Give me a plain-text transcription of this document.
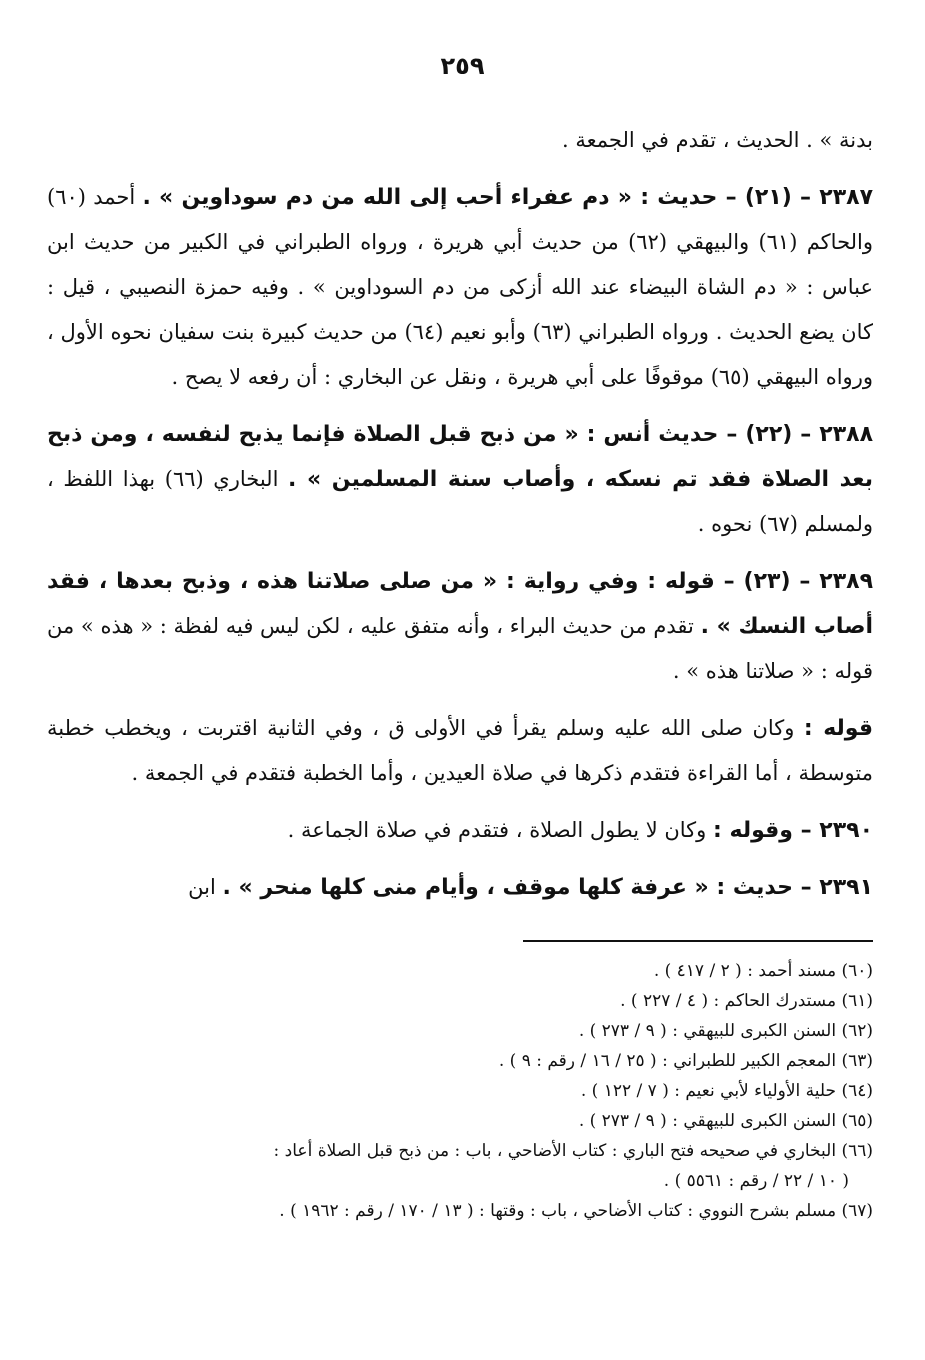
٢٥٩

بدنة » . الحديث ، تقدم في الجمعة .

٢٣٨٧ – (٢١) – حديث : « دم عفراء أحب إلى الله من دم سوداوين » . أحمد (٦٠) والحاكم (٦١) والبيهقي (٦٢) من حديث أبي هريرة ، ورواه الطبراني في الكبير من حديث ابن عباس : « دم الشاة البيضاء عند الله أزكى من دم السوداوين » . وفيه حمزة النصيبي ، قيل : كان يضع الحديث . ورواه الطبراني (٦٣) وأبو نعيم (٦٤) من حديث كبيرة بنت سفيان نحوه الأول ، ورواه البيهقي (٦٥) موقوفًا على أبي هريرة ، ونقل عن البخاري : أن رفعه لا يصح .

٢٣٨٨ – (٢٢) – حديث أنس : « من ذبح قبل الصلاة فإنما يذبح لنفسه ، ومن ذبح بعد الصلاة فقد تم نسكه ، وأصاب سنة المسلمين » . البخاري (٦٦) بهذا اللفظ ، ولمسلم (٦٧) نحوه .

٢٣٨٩ – (٢٣) – قوله : وفي رواية : « من صلى صلاتنا هذه ، وذبح بعدها ، فقد أصاب النسك » . تقدم من حديث البراء ، وأنه متفق عليه ، لكن ليس فيه لفظة : « هذه » من قوله : « صلاتنا هذه » .

قوله : وكان صلى الله عليه وسلم يقرأ في الأولى ق ، وفي الثانية اقتربت ، ويخطب خطبة متوسطة ، أما القراءة فتقدم ذكرها في صلاة العيدين ، وأما الخطبة فتقدم في الجمعة .

٢٣٩٠ – وقوله : وكان لا يطول الصلاة ، فتقدم في صلاة الجماعة .

٢٣٩١ – حديث : « عرفة كلها موقف ، وأيام منى كلها منحر » . ابن

(٦٠) مسند أحمد : ( ٢ / ٤١٧ ) .

(٦١) مستدرك الحاكم : ( ٤ / ٢٢٧ ) .

(٦٢) السنن الكبرى للبيهقي : ( ٩ / ٢٧٣ ) .

(٦٣) المعجم الكبير للطبراني : ( ٢٥ / ١٦ / رقم : ٩ ) .

(٦٤) حلية الأولياء لأبي نعيم : ( ٧ / ١٢٢ ) .

(٦٥) السنن الكبرى للبيهقي : ( ٩ / ٢٧٣ ) .

(٦٦) البخاري في صحيحه فتح الباري : كتاب الأضاحي ، باب : من ذبح قبل الصلاة أعاد :

( ١٠ / ٢٢ / رقم : ٥٥٦١ ) .

(٦٧) مسلم بشرح النووي : كتاب الأضاحي ، باب : وقتها : ( ١٣ / ١٧٠ / رقم : ١٩٦٢ ) .
